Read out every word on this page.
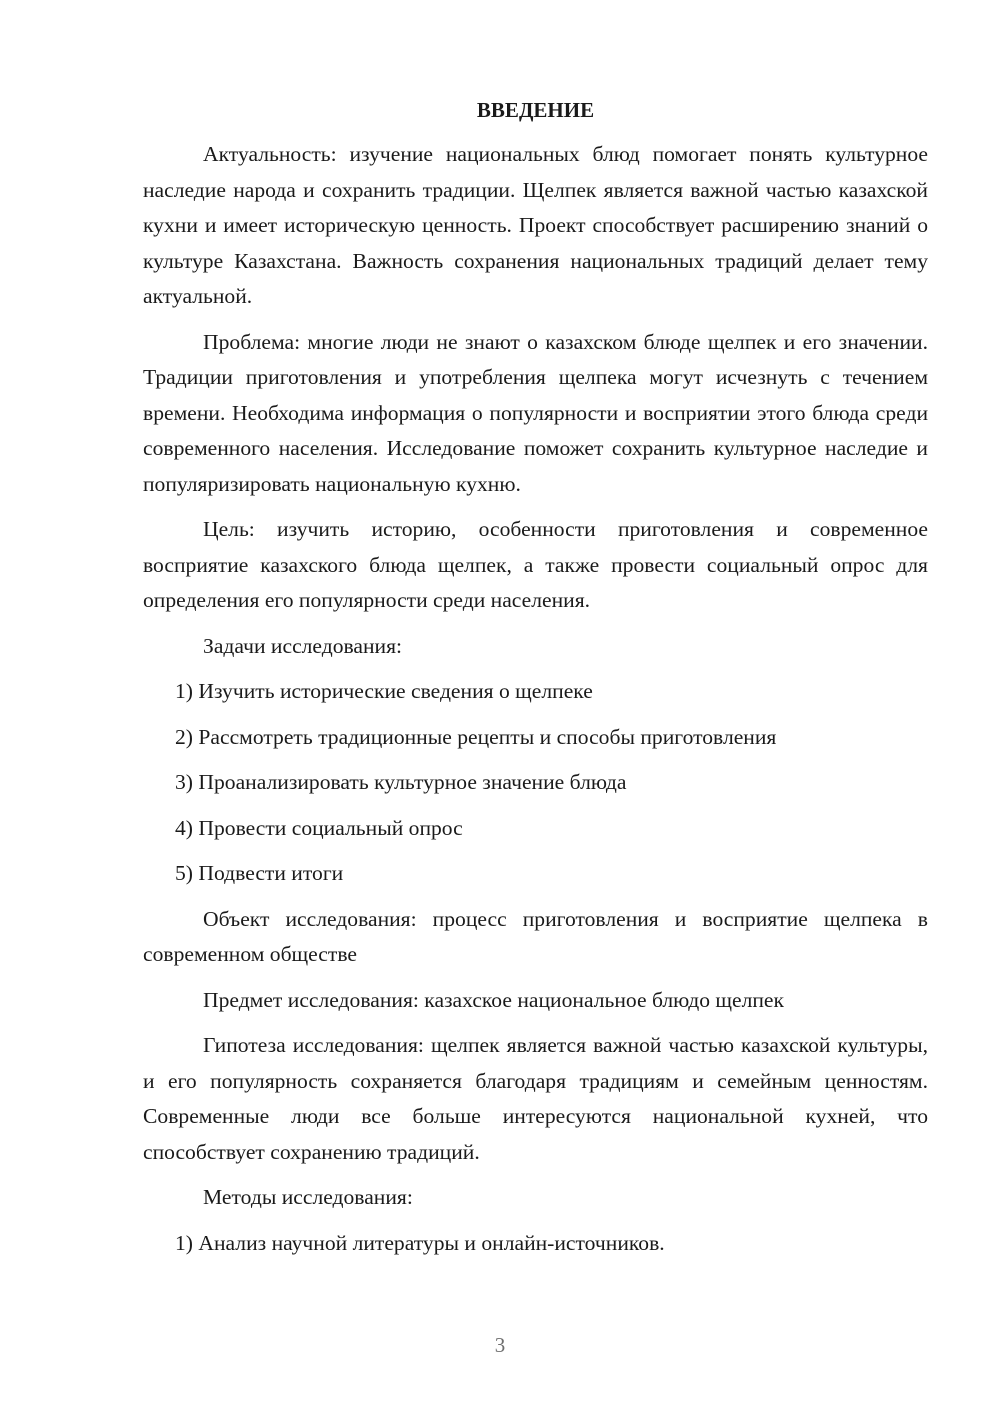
ВВЕДЕНИЕ

Актуальность: изучение национальных блюд помогает понять культурное наследие народа и сохранить традиции. Щелпек является важной частью казахской кухни и имеет историческую ценность. Проект способствует расширению знаний о культуре Казахстана. Важность сохранения национальных традиций делает тему актуальной.

Проблема: многие люди не знают о казахском блюде щелпек и его значении. Традиции приготовления и употребления щелпека могут исчезнуть с течением времени. Необходима информация о популярности и восприятии этого блюда среди современного населения. Исследование поможет сохранить культурное наследие и популяризировать национальную кухню.

Цель: изучить историю, особенности приготовления и современное восприятие казахского блюда щелпек, а также провести социальный опрос для определения его популярности среди населения.

Задачи исследования:

1) Изучить исторические сведения о щелпеке

2) Рассмотреть традиционные рецепты и способы приготовления

3) Проанализировать культурное значение блюда

4) Провести социальный опрос

5) Подвести итоги

Объект исследования: процесс приготовления и восприятие щелпека в современном обществе

Предмет исследования: казахское национальное блюдо щелпек

Гипотеза исследования: щелпек является важной частью казахской культуры, и его популярность сохраняется благодаря традициям и семейным ценностям. Современные люди все больше интересуются национальной кухней, что способствует сохранению традиций.

Методы исследования:

1) Анализ научной литературы и онлайн-источников.

3
